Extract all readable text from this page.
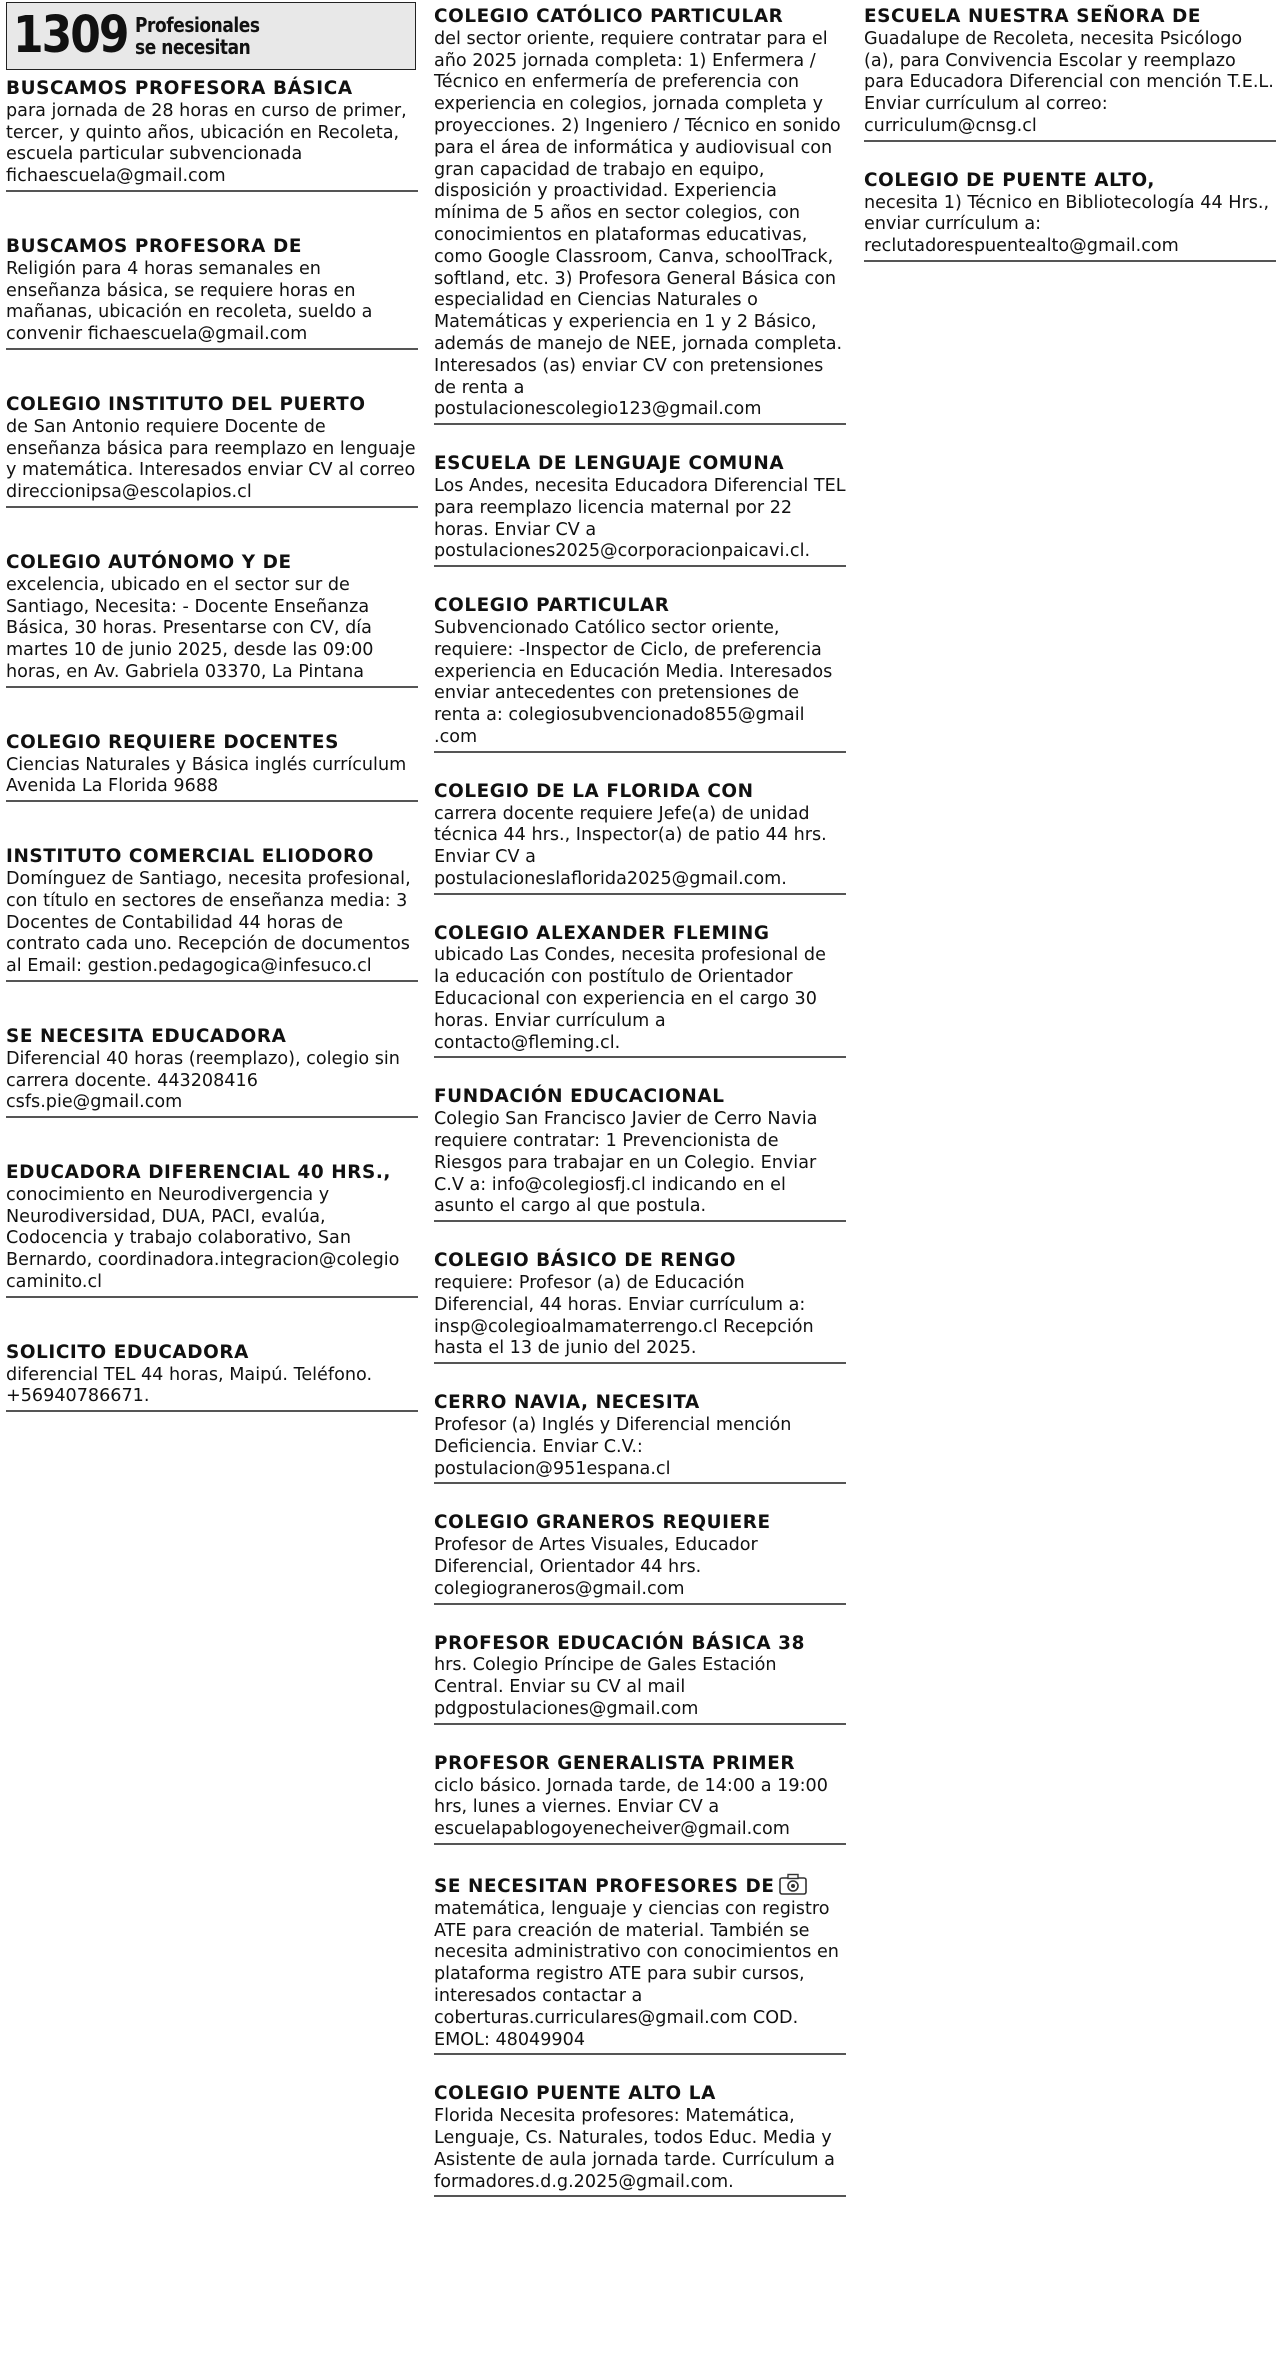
1309 Profesionales
se necesitan
BUSCAMOS PROFESORA BÁSICA
para jornada de 28 horas en curso de primer, tercer, y quinto años, ubicación en Recoleta, escuela particular subvencionada fichaescuela@gmail.com
BUSCAMOS PROFESORA DE
Religión para 4 horas semanales en enseñanza básica, se requiere horas en mañanas, ubicación en recoleta, sueldo a convenir fichaescuela@gmail.com
COLEGIO INSTITUTO DEL PUERTO
de San Antonio requiere Docente de enseñanza básica para reemplazo en lenguaje y matemática. Interesados enviar CV al correo direccionipsa@escolapios.cl
COLEGIO AUTÓNOMO Y DE
excelencia, ubicado en el sector sur de Santiago, Necesita: - Docente Enseñanza Básica, 30 horas. Presentarse con CV, día martes 10 de junio 2025, desde las 09:00 horas, en Av. Gabriela 03370, La Pintana
COLEGIO REQUIERE DOCENTES
Ciencias Naturales y Básica inglés currículum Avenida La Florida 9688
INSTITUTO COMERCIAL ELIODORO
Domínguez de Santiago, necesita profesional, con título en sectores de enseñanza media: 3 Docentes de Contabilidad 44 horas de contrato cada uno. Recepción de documentos al Email: gestion.pedagogica@infesuco.cl
SE NECESITA EDUCADORA
Diferencial 40 horas (reemplazo), colegio sin carrera docente. 443208416 csfs.pie@gmail.com
EDUCADORA DIFERENCIAL 40 HRS.,
conocimiento en Neurodivergencia y Neurodiversidad, DUA, PACI, evalúa, Codocencia y trabajo colaborativo, San Bernardo, coordinadora.integracion@colegio caminito.cl
SOLICITO EDUCADORA
diferencial TEL 44 horas, Maipú. Teléfono. +56940786671.
COLEGIO CATÓLICO PARTICULAR
del sector oriente, requiere contratar para el año 2025 jornada completa: 1) Enfermera / Técnico en enfermería de preferencia con experiencia en colegios, jornada completa y proyecciones. 2) Ingeniero / Técnico en sonido para el área de informática y audiovisual con gran capacidad de trabajo en equipo, disposición y proactividad. Experiencia mínima de 5 años en sector colegios, con conocimientos en plataformas educativas, como Google Classroom, Canva, schoolTrack, softland, etc. 3) Profesora General Básica con especialidad en Ciencias Naturales o Matemáticas y experiencia en 1 y 2 Básico, además de manejo de NEE, jornada completa. Interesados (as) enviar CV con pretensiones de renta a postulacionescolegio123@gmail.com
ESCUELA DE LENGUAJE COMUNA
Los Andes, necesita Educadora Diferencial TEL para reemplazo licencia maternal por 22 horas. Enviar CV a postulaciones2025@corporacionpaicavi.cl.
COLEGIO PARTICULAR
Subvencionado Católico sector oriente, requiere: -Inspector de Ciclo, de preferencia experiencia en Educación Media. Interesados enviar antecedentes con pretensiones de renta a: colegiosubvencionado855@gmail .com
COLEGIO DE LA FLORIDA CON
carrera docente requiere Jefe(a) de unidad técnica 44 hrs., Inspector(a) de patio 44 hrs. Enviar CV a postulacioneslaflorida2025@gmail.com.
COLEGIO ALEXANDER FLEMING
ubicado Las Condes, necesita profesional de la educación con postítulo de Orientador Educacional con experiencia en el cargo 30 horas. Enviar currículum a contacto@fleming.cl.
FUNDACIÓN EDUCACIONAL
Colegio San Francisco Javier de Cerro Navia requiere contratar: 1 Prevencionista de Riesgos para trabajar en un Colegio. Enviar C.V a: info@colegiosfj.cl indicando en el asunto el cargo al que postula.
COLEGIO BÁSICO DE RENGO
requiere: Profesor (a) de Educación Diferencial, 44 horas. Enviar currículum a: insp@colegioalmamaterrengo.cl Recepción hasta el 13 de junio del 2025.
CERRO NAVIA, NECESITA
Profesor (a) Inglés y Diferencial mención Deficiencia. Enviar C.V.: postulacion@951espana.cl
COLEGIO GRANEROS REQUIERE
Profesor de Artes Visuales, Educador Diferencial, Orientador 44 hrs. colegiograneros@gmail.com
PROFESOR EDUCACIÓN BÁSICA 38
hrs. Colegio Príncipe de Gales Estación Central. Enviar su CV al mail pdgpostulaciones@gmail.com
PROFESOR GENERALISTA PRIMER
ciclo básico. Jornada tarde, de 14:00 a 19:00 hrs, lunes a viernes. Enviar CV a escuelapablogoyenecheiver@gmail.com
SE NECESITAN PROFESORES DE
matemática, lenguaje y ciencias con registro ATE para creación de material. También se necesita administrativo con conocimientos en plataforma registro ATE para subir cursos, interesados contactar a coberturas.curriculares@gmail.com COD. EMOL: 48049904
COLEGIO PUENTE ALTO LA
Florida Necesita profesores: Matemática, Lenguaje, Cs. Naturales, todos Educ. Media y Asistente de aula jornada tarde. Currículum a formadores.d.g.2025@gmail.com.
ESCUELA NUESTRA SEÑORA DE
Guadalupe de Recoleta, necesita Psicólogo (a), para Convivencia Escolar y reemplazo para Educadora Diferencial con mención T.E.L. Enviar currículum al correo: curriculum@cnsg.cl
COLEGIO DE PUENTE ALTO,
necesita 1) Técnico en Bibliotecología 44 Hrs., enviar currículum a: reclutadorespuentealto@gmail.com
